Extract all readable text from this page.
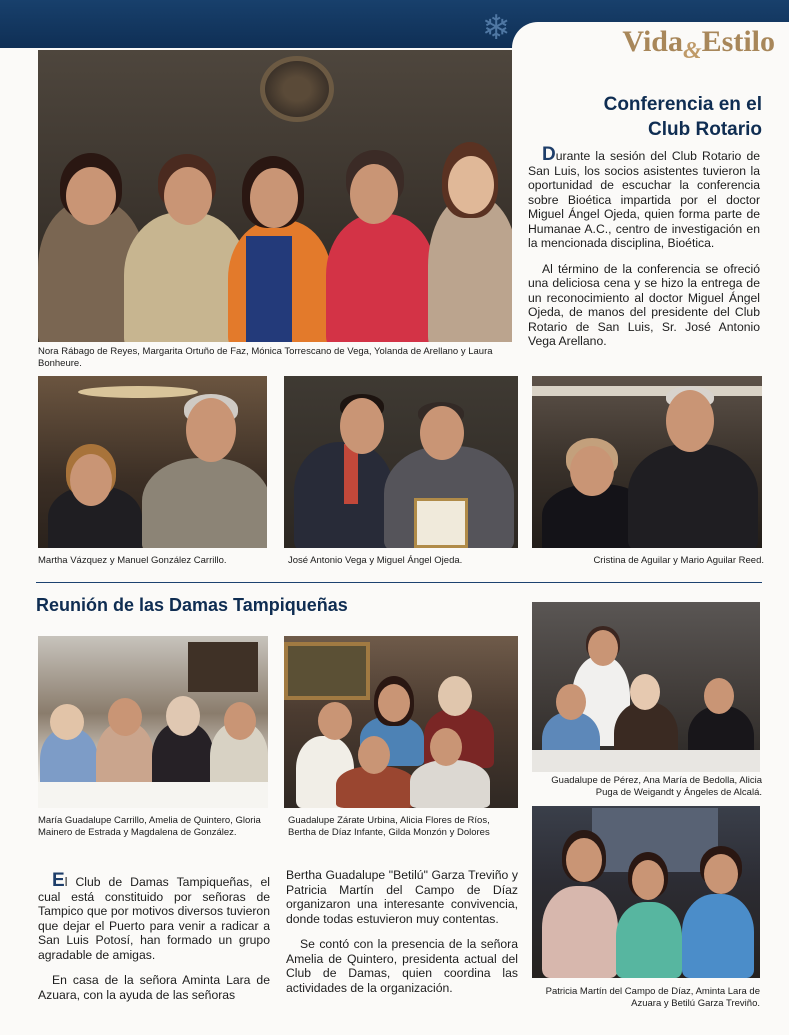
❄	Vida$_{\&}$Estilo
Nora Rábago de Reyes, Margarita Ortuño de Faz, Mónica Torrescano de Vega, Yolanda de Arellano y Laura Bonheure.
Conferencia en el
Club Rotario

Durante la sesión del Club Rotario de San Luis, los socios asistentes tuvieron la oportunidad de escuchar la conferencia sobre Bioética impartida por el doctor Miguel Ángel Ojeda, quien forma parte de Humanae A.C., centro de investigación en la mencionada disciplina, Bioética.

Al término de la conferencia se ofreció una deliciosa cena y se hizo la entrega de un reconocimiento al doctor Miguel Ángel Ojeda, de manos del presidente del Club Rotario de San Luis, Sr. José Antonio Vega Arellano.

Martha Vázquez y Manuel González Carrillo.	José Antonio Vega y Miguel Ángel Ojeda.	Cristina de Aguilar y Mario Aguilar Reed.
Reunión de las Damas Tampiqueñas
María Guadalupe Carrillo, Amelia de Quintero, Gloria Mainero de Estrada y Magdalena de González.
Guadalupe Zárate Urbina, Alicia Flores de Ríos, Bertha de Díaz Infante, Gilda Monzón y Dolores
Guadalupe de Pérez, Ana María de Bedolla, Alicia Puga de Weigandt y Ángeles de Alcalá.
Patricia Martín del Campo de Díaz, Aminta Lara de Azuara y Betilú Garza Treviño.

El Club de Damas Tampiqueñas, el cual está constituido por señoras de Tampico que por motivos diversos tuvieron que dejar el Puerto para venir a radicar a San Luis Potosí, han formado un grupo agradable de amigas.

En casa de la señora Aminta Lara de Azuara, con la ayuda de las señoras

Bertha Guadalupe "Betilú" Garza Treviño y Patricia Martín del Campo de Díaz organizaron una interesante convivencia, donde todas estuvieron muy contentas.

Se contó con la presencia de la señora Amelia de Quintero, presidenta actual del Club de Damas, quien coordina las actividades de la organización.
